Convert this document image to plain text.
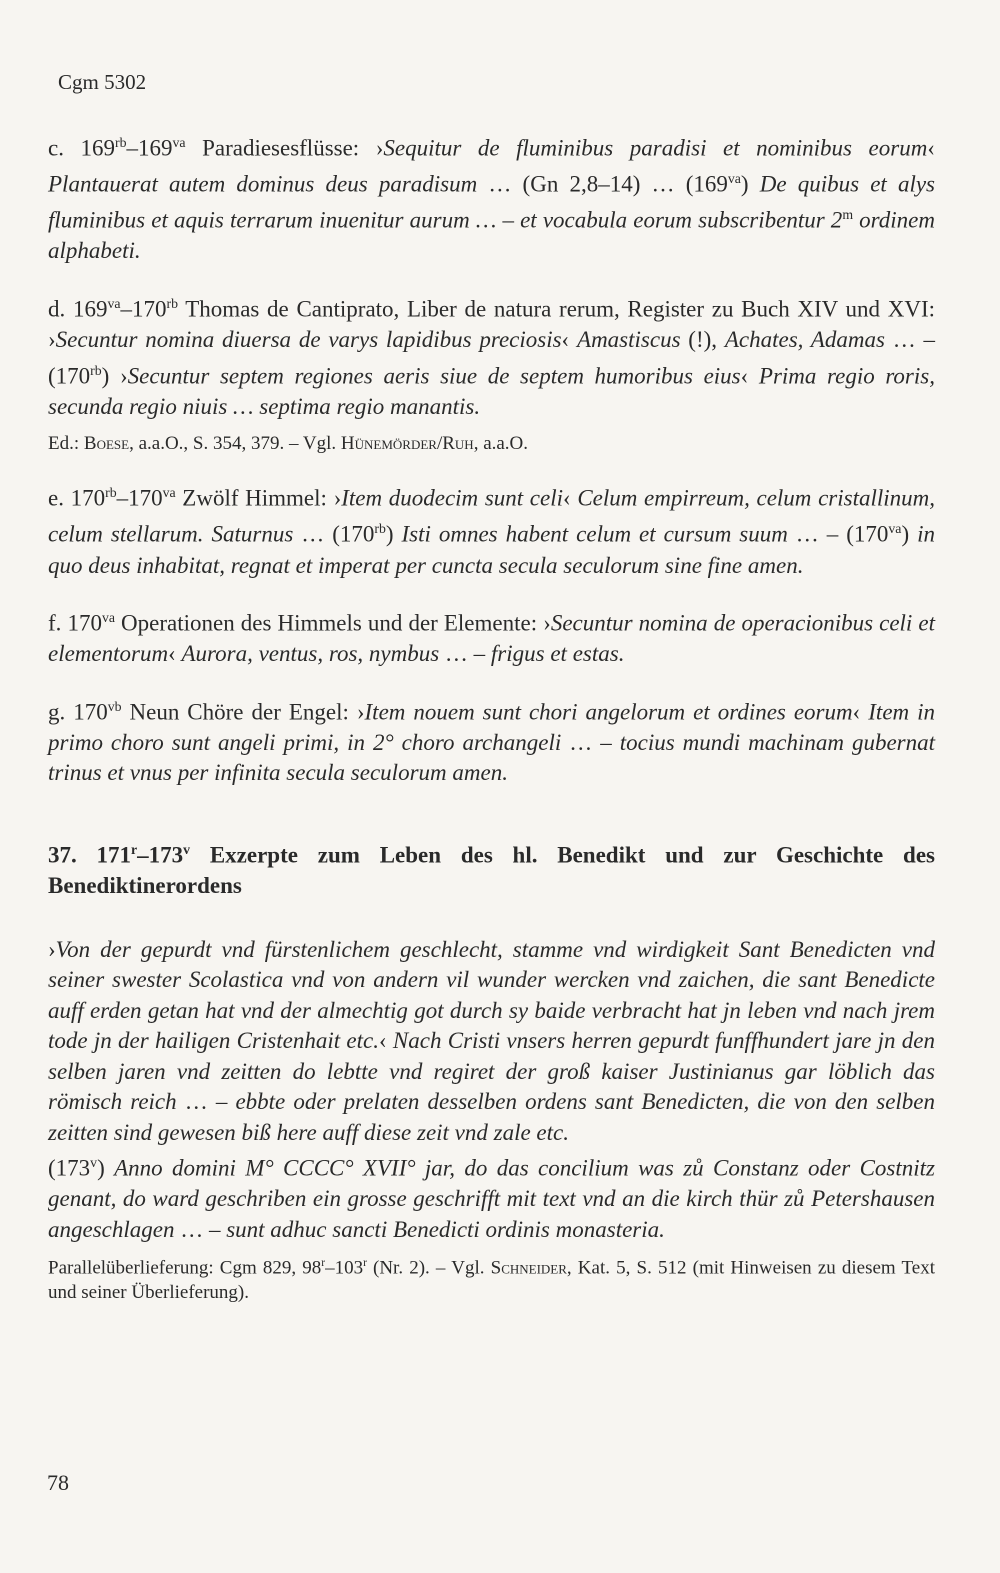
Cgm 5302

c. $169^{rb}-169^{va}$ Paradiesesflüsse: ›Sequitur de fluminibus paradisi et nominibus eorum‹ Plantauerat autem dominus deus paradisum … (Gn 2,8–14) … $(169^{va})$ De quibus et alys fluminibus et aquis terrarum inuenitur aurum … – et vocabula eorum subscribentur 2$^m$ ordinem alphabeti.

d. $169^{va}-170^{rb}$ Thomas de Cantiprato, Liber de natura rerum, Register zu Buch XIV und XVI: ›Secuntur nomina diuersa de varys lapidibus preciosis‹ Amastiscus (!), Achates, Adamas … – $(170^{rb})$ ›Secuntur septem regiones aeris siue de septem humoribus eius‹ Prima regio roris, secunda regio niuis … septima regio manantis.

Ed.: Boese, a.a.O., S. 354, 379. – Vgl. Hünemörder/Ruh, a.a.O.

e. $170^{rb}-170^{va}$ Zwölf Himmel: ›Item duodecim sunt celi‹ Celum empirreum, celum cristallinum, celum stellarum. Saturnus … $(170^{rb})$ Isti omnes habent celum et cursum suum … – $(170^{va})$ in quo deus inhabitat, regnat et imperat per cuncta secula seculorum sine fine amen.

f. $170^{va}$ Operationen des Himmels und der Elemente: ›Secuntur nomina de operacionibus celi et elementorum‹ Aurora, ventus, ros, nymbus … – frigus et estas.

g. $170^{vb}$ Neun Chöre der Engel: ›Item nouem sunt chori angelorum et ordines eorum‹ Item in primo choro sunt angeli primi, in 2° choro archangeli … – tocius mundi machinam gubernat trinus et vnus per infinita secula seculorum amen.

37. 171$^r$–173$^v$ Exzerpte zum Leben des hl. Benedikt und zur Geschichte des Benediktinerordens

›Von der gepurdt vnd fürstenlichem geschlecht, stamme vnd wirdigkeit Sant Benedicten vnd seiner swester Scolastica vnd von andern vil wunder wercken vnd zaichen, die sant Benedicte auff erden getan hat vnd der almechtig got durch sy baide verbracht hat jn leben vnd nach jrem tode jn der hailigen Cristenhait etc.‹ Nach Cristi vnsers herren gepurdt funffhundert jare jn den selben jaren vnd zeitten do lebtte vnd regiret der groß kaiser Justinianus gar löblich das römisch reich … – ebbte oder prelaten desselben ordens sant Benedicten, die von den selben zeitten sind gewesen biß here auff diese zeit vnd zale etc.

(173$^v$) Anno domini M° CCCC° XVII° jar, do das concilium was zů Constanz oder Costnitz genant, do ward geschriben ein grosse geschrifft mit text vnd an die kirch thür zů Petershausen angeschlagen … – sunt adhuc sancti Benedicti ordinis monasteria.

Parallelüberlieferung: Cgm 829, 98$^r$–103$^r$ (Nr. 2). – Vgl. Schneider, Kat. 5, S. 512 (mit Hinweisen zu diesem Text und seiner Überlieferung).

78
